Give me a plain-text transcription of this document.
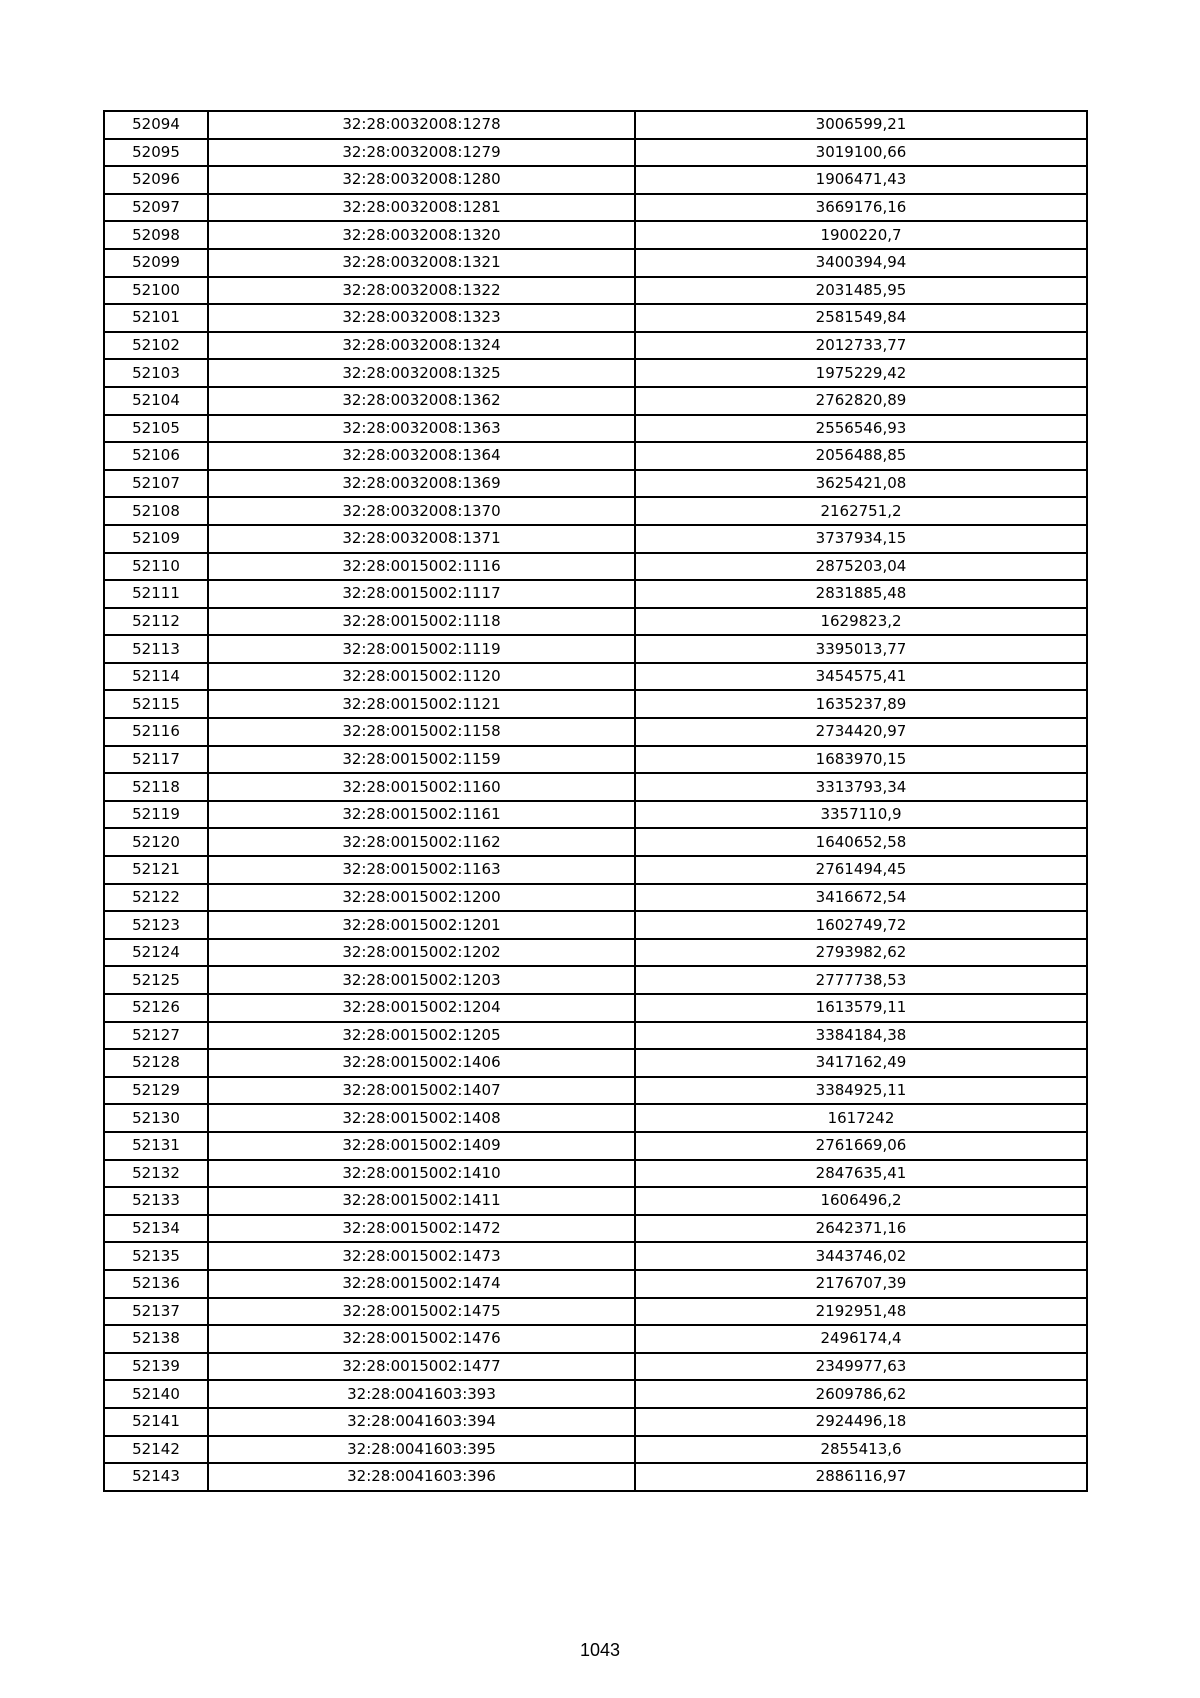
52094	32:28:0032008:1278	3006599,21
52095	32:28:0032008:1279	3019100,66
52096	32:28:0032008:1280	1906471,43
52097	32:28:0032008:1281	3669176,16
52098	32:28:0032008:1320	1900220,7
52099	32:28:0032008:1321	3400394,94
52100	32:28:0032008:1322	2031485,95
52101	32:28:0032008:1323	2581549,84
52102	32:28:0032008:1324	2012733,77
52103	32:28:0032008:1325	1975229,42
52104	32:28:0032008:1362	2762820,89
52105	32:28:0032008:1363	2556546,93
52106	32:28:0032008:1364	2056488,85
52107	32:28:0032008:1369	3625421,08
52108	32:28:0032008:1370	2162751,2
52109	32:28:0032008:1371	3737934,15
52110	32:28:0015002:1116	2875203,04
52111	32:28:0015002:1117	2831885,48
52112	32:28:0015002:1118	1629823,2
52113	32:28:0015002:1119	3395013,77
52114	32:28:0015002:1120	3454575,41
52115	32:28:0015002:1121	1635237,89
52116	32:28:0015002:1158	2734420,97
52117	32:28:0015002:1159	1683970,15
52118	32:28:0015002:1160	3313793,34
52119	32:28:0015002:1161	3357110,9
52120	32:28:0015002:1162	1640652,58
52121	32:28:0015002:1163	2761494,45
52122	32:28:0015002:1200	3416672,54
52123	32:28:0015002:1201	1602749,72
52124	32:28:0015002:1202	2793982,62
52125	32:28:0015002:1203	2777738,53
52126	32:28:0015002:1204	1613579,11
52127	32:28:0015002:1205	3384184,38
52128	32:28:0015002:1406	3417162,49
52129	32:28:0015002:1407	3384925,11
52130	32:28:0015002:1408	1617242
52131	32:28:0015002:1409	2761669,06
52132	32:28:0015002:1410	2847635,41
52133	32:28:0015002:1411	1606496,2
52134	32:28:0015002:1472	2642371,16
52135	32:28:0015002:1473	3443746,02
52136	32:28:0015002:1474	2176707,39
52137	32:28:0015002:1475	2192951,48
52138	32:28:0015002:1476	2496174,4
52139	32:28:0015002:1477	2349977,63
52140	32:28:0041603:393	2609786,62
52141	32:28:0041603:394	2924496,18
52142	32:28:0041603:395	2855413,6
52143	32:28:0041603:396	2886116,97
1043
